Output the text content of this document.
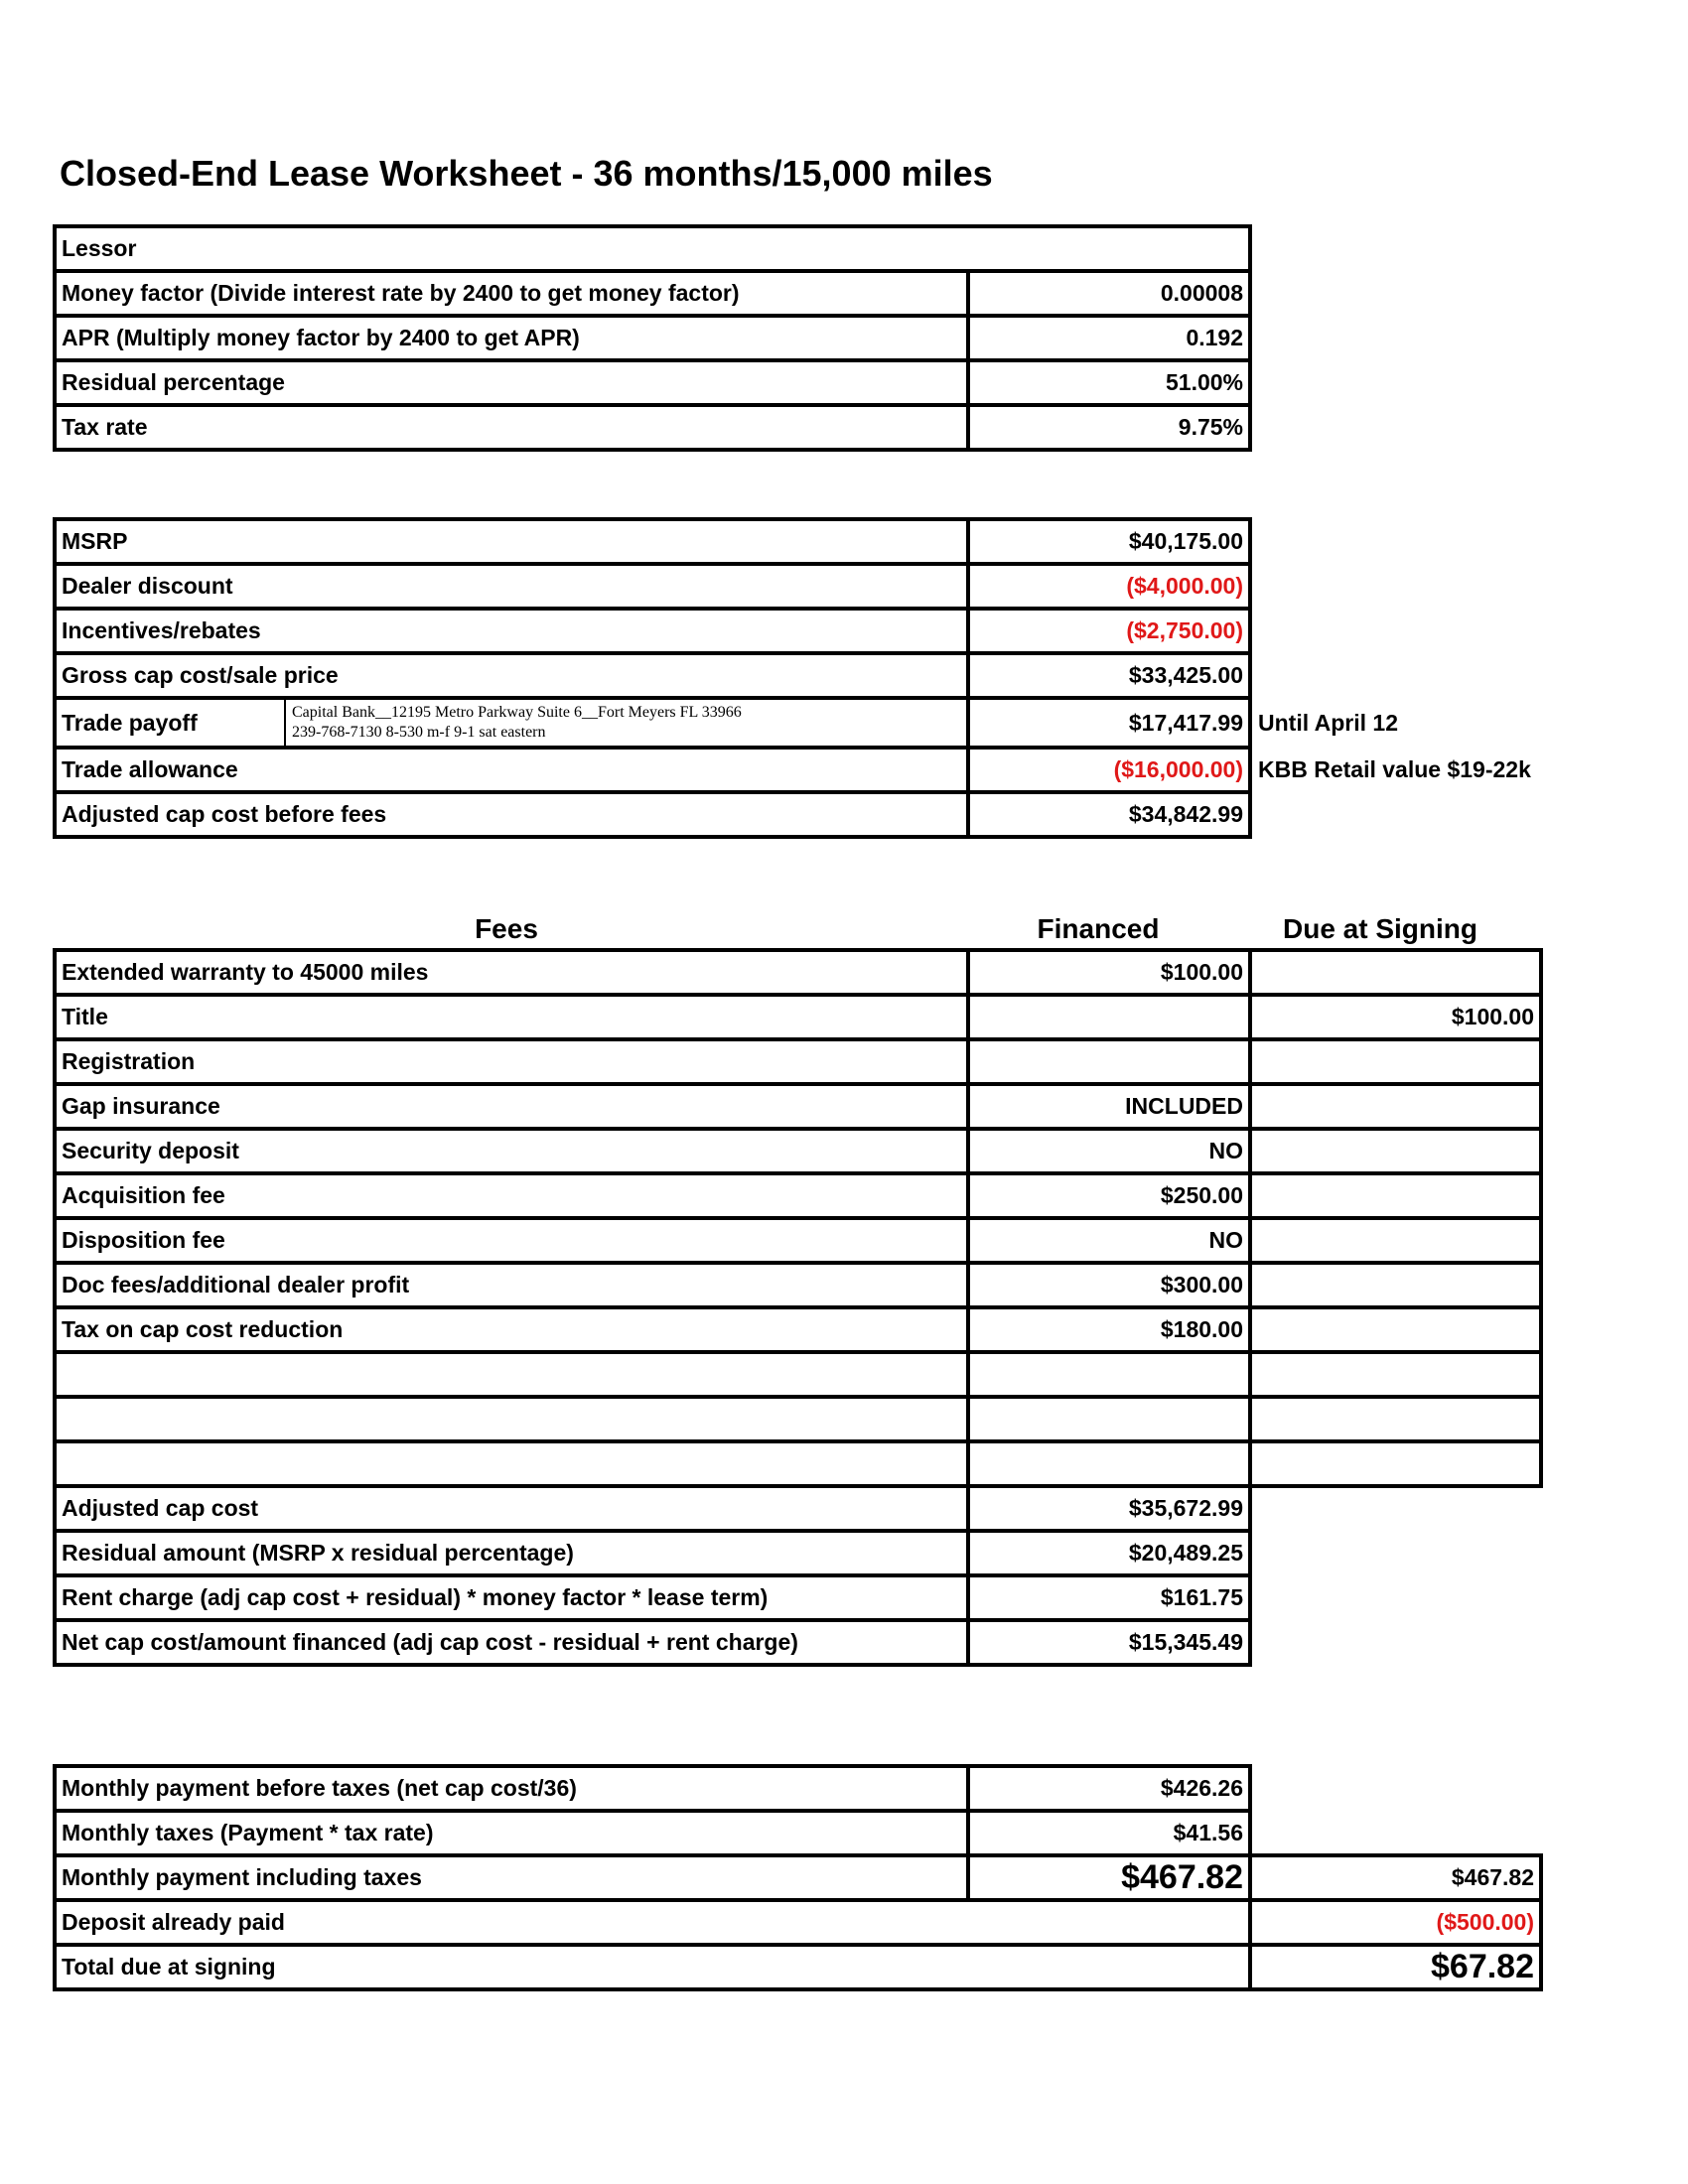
Closed-End Lease Worksheet - 36 months/15,000 miles
Lessor	
Money factor (Divide interest rate by 2400 to get money factor)	0.00008
APR (Multiply money factor by 2400 to get APR)	0.192
Residual percentage	51.00%
Tax rate	9.75%
MSRP	$40,175.00	
Dealer discount	($4,000.00)	
Incentives/rebates	($2,750.00)	
Gross cap cost/sale price	$33,425.00	

Trade payoff Capital Bank__12195 Metro Parkway Suite 6__Fort Meyers FL 33966
239-768-7130 8-530 m-f 9-1 sat eastern	$17,417.99	Until April 12
Trade allowance	($16,000.00)	KBB Retail value $19-22k
Adjusted cap cost before fees	$34,842.99	
Fees	Financed	Due at Signing
Extended warranty to 45000 miles	$100.00	
Title		$100.00
Registration		
Gap insurance	INCLUDED	
Security deposit	NO	
Acquisition fee	$250.00	
Disposition fee	NO	
Doc fees/additional dealer profit	$300.00	
Tax on cap cost reduction	$180.00	

Adjusted cap cost	$35,672.99	
Residual amount (MSRP x residual percentage)	$20,489.25	
Rent charge (adj cap cost + residual) * money factor * lease term)	$161.75	
Net cap cost/amount financed (adj cap cost - residual + rent charge)	$15,345.49	
Monthly payment before taxes (net cap cost/36)	$426.26	
Monthly taxes (Payment * tax rate)	$41.56	
Monthly payment including taxes	$467.82	$467.82
Deposit already paid		($500.00)
Total due at signing		$67.82
